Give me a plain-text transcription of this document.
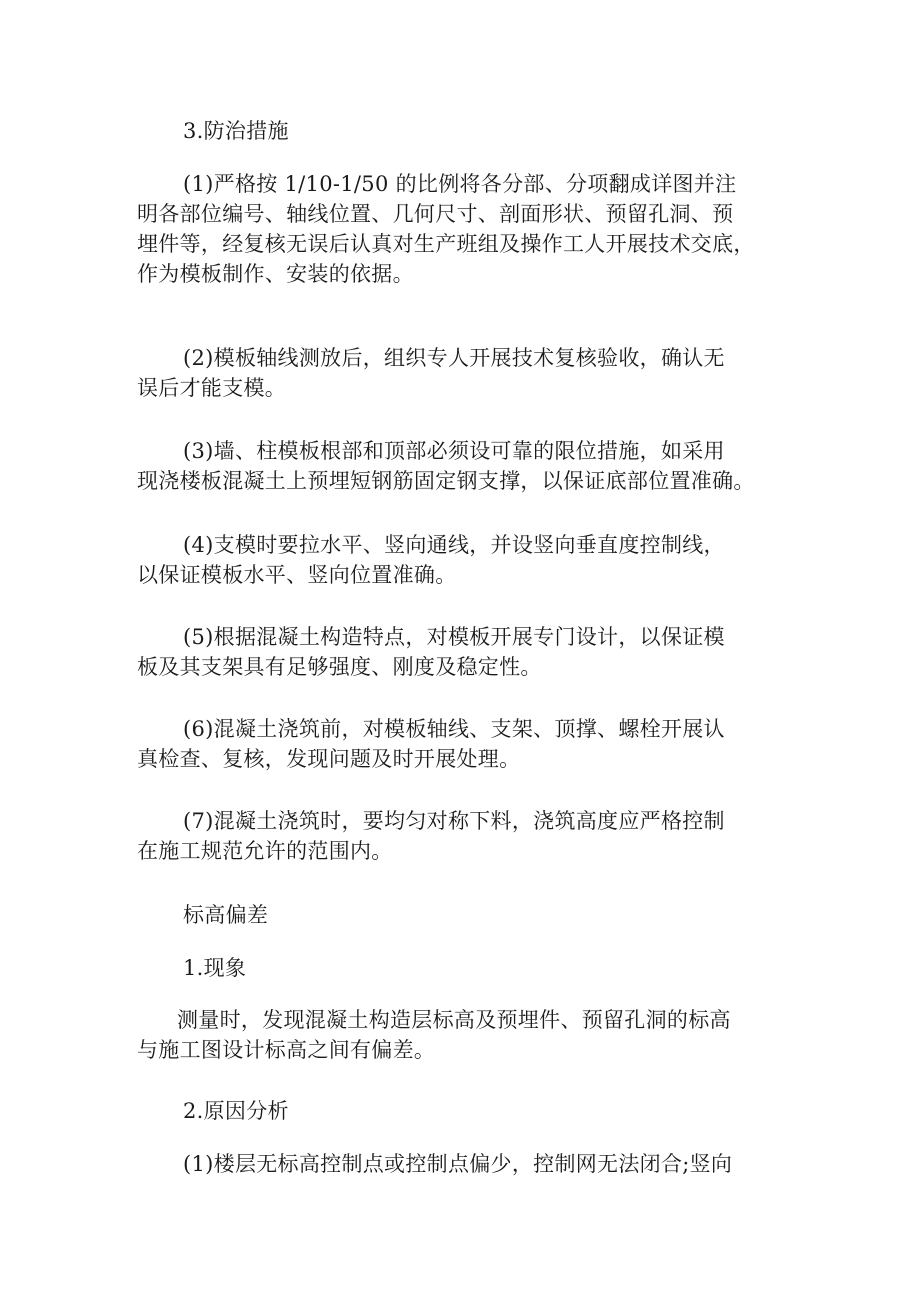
3.防治措施

(1)严格按 1/10-1/50 的比例将各分部、分项翻成详图并注
明各部位编号、轴线位置、几何尺寸、剖面形状、预留孔洞、预
埋件等，经复核无误后认真对生产班组及操作工人开展技术交底，
作为模板制作、安装的依据。

(2)模板轴线测放后，组织专人开展技术复核验收，确认无
误后才能支模。

(3)墙、柱模板根部和顶部必须设可靠的限位措施，如采用
现浇楼板混凝土上预埋短钢筋固定钢支撑，以保证底部位置准确。

(4)支模时要拉水平、竖向通线，并设竖向垂直度控制线，
以保证模板水平、竖向位置准确。

(5)根据混凝土构造特点，对模板开展专门设计，以保证模
板及其支架具有足够强度、刚度及稳定性。

(6)混凝土浇筑前，对模板轴线、支架、顶撑、螺栓开展认
真检查、复核，发现问题及时开展处理。

(7)混凝土浇筑时，要均匀对称下料，浇筑高度应严格控制
在施工规范允许的范围内。

标高偏差

1.现象

测量时，发现混凝土构造层标高及预埋件、预留孔洞的标高
与施工图设计标高之间有偏差。

2.原因分析

(1)楼层无标高控制点或控制点偏少，控制网无法闭合;竖向
